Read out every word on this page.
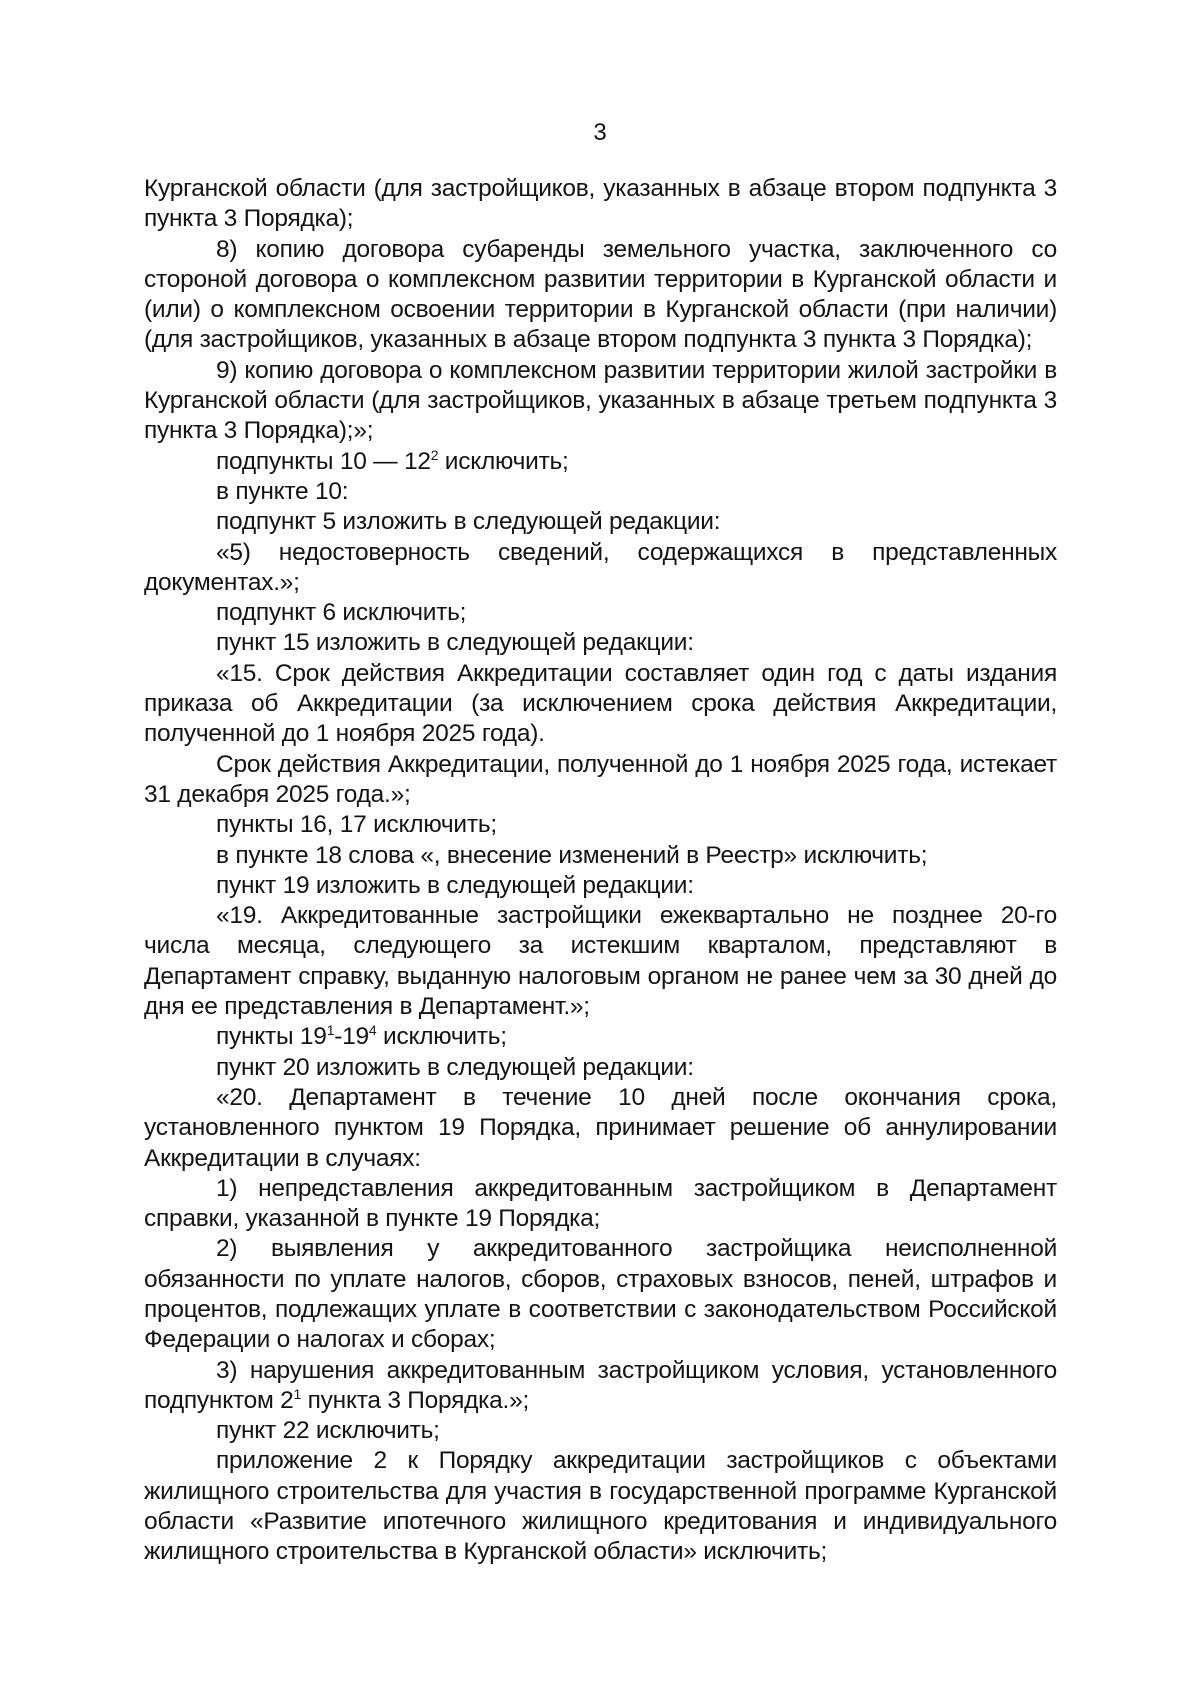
3

Курганской области (для застройщиков, указанных в абзаце втором подпункта 3 пункта 3 Порядка);

8) копию договора субаренды земельного участка, заключенного со стороной договора о комплексном развитии территории в Курганской области и (или) о комплексном освоении территории в Курганской области (при наличии) (для застройщиков, указанных в абзаце втором подпункта 3 пункта 3 Порядка);

9) копию договора о комплексном развитии территории жилой застройки в Курганской области (для застройщиков, указанных в абзаце третьем подпункта 3 пункта 3 Порядка);»;

подпункты 10 — $12^2$ исключить;

в пункте 10:

подпункт 5 изложить в следующей редакции:

«5) недостоверность сведений, содержащихся в представленных документах.»;

подпункт 6 исключить;

пункт 15 изложить в следующей редакции:

«15. Срок действия Аккредитации составляет один год с даты издания приказа об Аккредитации (за исключением срока действия Аккредитации, полученной до 1 ноября 2025 года).

Срок действия Аккредитации, полученной до 1 ноября 2025 года, истекает 31 декабря 2025 года.»;

пункты 16, 17 исключить;

в пункте 18 слова «, внесение изменений в Реестр» исключить;

пункт 19 изложить в следующей редакции:

«19. Аккредитованные застройщики ежеквартально не позднее 20-го числа месяца, следующего за истекшим кварталом, представляют в Департамент справку, выданную налоговым органом не ранее чем за 30 дней до дня ее представления в Департамент.»;

пункты $19^1-19^4$ исключить;

пункт 20 изложить в следующей редакции:

«20. Департамент в течение 10 дней после окончания срока, установленного пунктом 19 Порядка, принимает решение об аннулировании Аккредитации в случаях:

1) непредставления аккредитованным застройщиком в Департамент справки, указанной в пункте 19 Порядка;

2) выявления у аккредитованного застройщика неисполненной обязанности по уплате налогов, сборов, страховых взносов, пеней, штрафов и процентов, подлежащих уплате в соответствии с законодательством Российской Федерации о налогах и сборах;

3) нарушения аккредитованным застройщиком условия, установленного подпунктом $2^1$ пункта 3 Порядка.»;

пункт 22 исключить;

приложение 2 к Порядку аккредитации застройщиков с объектами жилищного строительства для участия в государственной программе Курганской области «Развитие ипотечного жилищного кредитования и индивидуального жилищного строительства в Курганской области» исключить;
